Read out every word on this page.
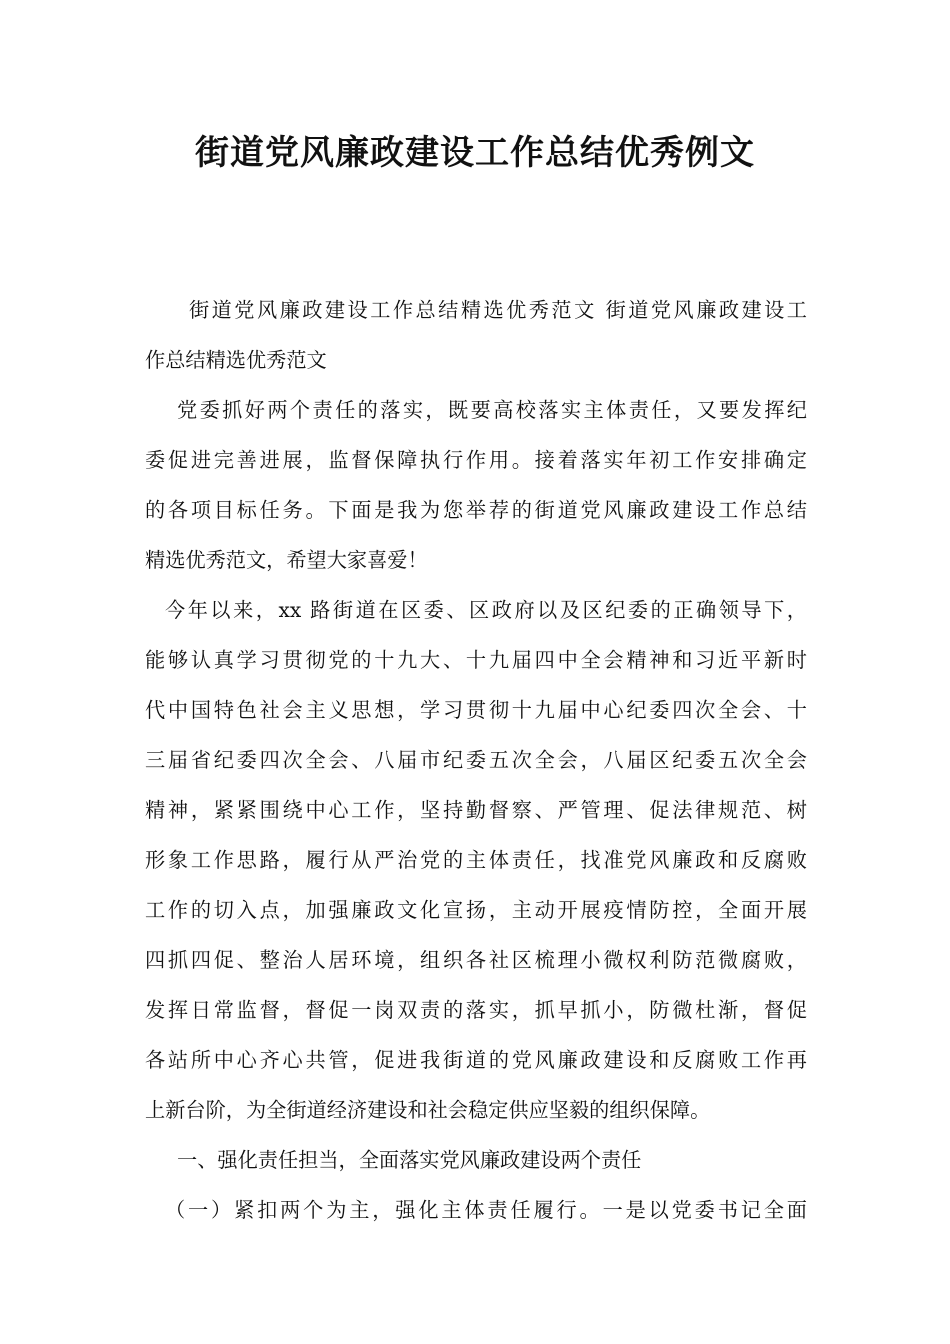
街道党风廉政建设工作总结优秀例文
街道党风廉政建设工作总结精选优秀范文 街道党风廉政建设工
作总结精选优秀范文
党委抓好两个责任的落实，既要高校落实主体责任，又要发挥纪
委促进完善进展，监督保障执行作用。接着落实年初工作安排确定
的各项目标任务。下面是我为您举荐的街道党风廉政建设工作总结
精选优秀范文，希望大家喜爱！
今年以来，xx 路街道在区委、区政府以及区纪委的正确领导下，
能够认真学习贯彻党的十九大、十九届四中全会精神和习近平新时
代中国特色社会主义思想，学习贯彻十九届中心纪委四次全会、十
三届省纪委四次全会、八届市纪委五次全会，八届区纪委五次全会
精神，紧紧围绕中心工作，坚持勤督察、严管理、促法律规范、树
形象工作思路，履行从严治党的主体责任，找准党风廉政和反腐败
工作的切入点，加强廉政文化宣扬，主动开展疫情防控，全面开展
四抓四促、整治人居环境，组织各社区梳理小微权利防范微腐败，
发挥日常监督，督促一岗双责的落实，抓早抓小，防微杜渐，督促
各站所中心齐心共管，促进我街道的党风廉政建设和反腐败工作再
上新台阶，为全街道经济建设和社会稳定供应坚毅的组织保障。
一、强化责任担当，全面落实党风廉政建设两个责任
（一）紧扣两个为主，强化主体责任履行。一是以党委书记全面
